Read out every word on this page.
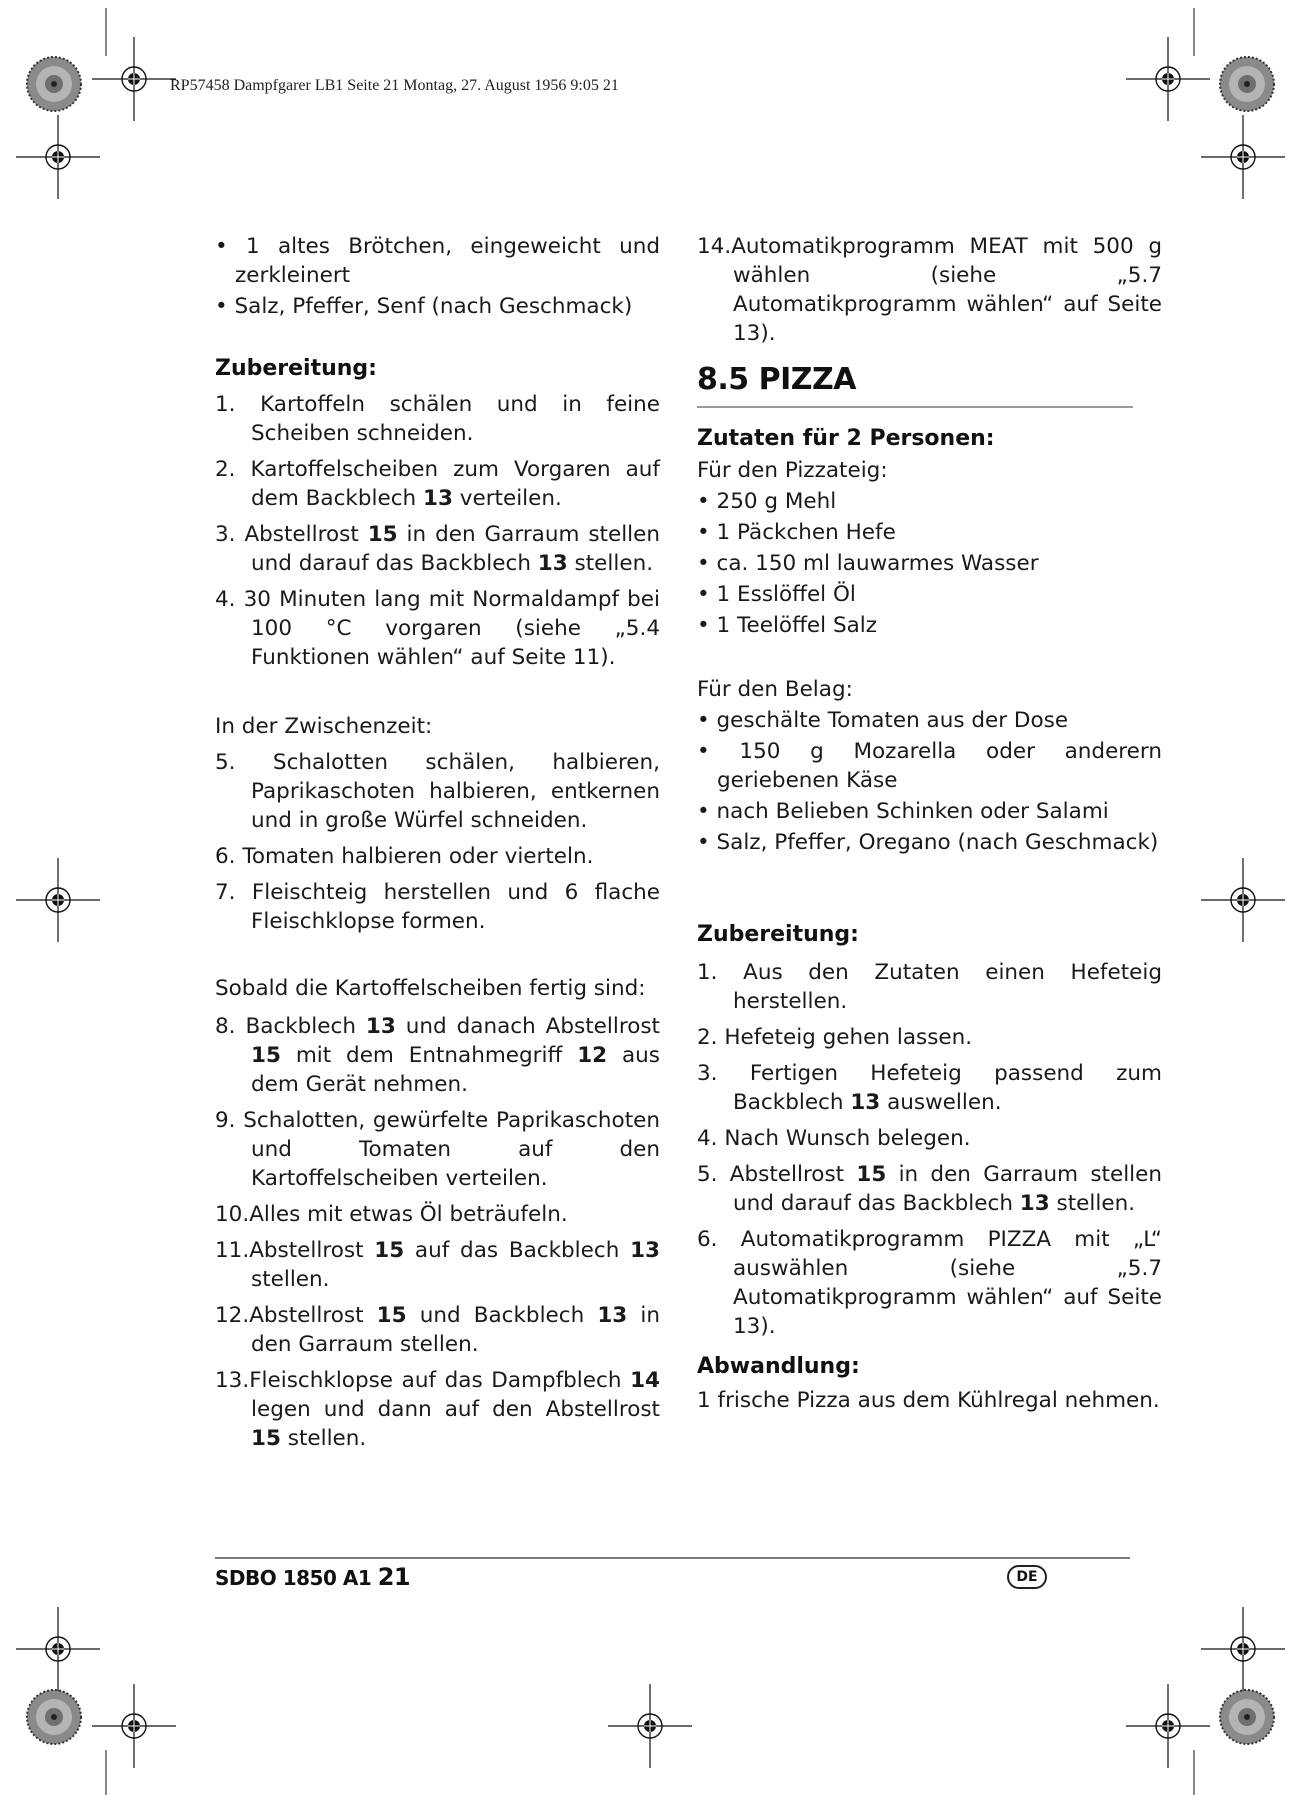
RP57458 Dampfgarer LB1 Seite 21 Montag, 27. August 1956 9:05 21
• 1 altes Brötchen, eingeweicht und zerkleinert
• Salz, Pfeffer, Senf (nach Geschmack)
Zubereitung:
1. Kartoffeln schälen und in feine Scheiben schneiden.
2. Kartoffelscheiben zum Vorgaren auf dem Backblech 13 verteilen.
3. Abstellrost 15 in den Garraum stellen und darauf das Backblech 13 stellen.
4. 30 Minuten lang mit Normaldampf bei 100 °C vorgaren (siehe „5.4 Funktionen wählen“ auf Seite 11).
In der Zwischenzeit:
5. Schalotten schälen, halbieren, Paprikaschoten halbieren, entkernen und in große Würfel schneiden.
6. Tomaten halbieren oder vierteln.
7. Fleischteig herstellen und 6 flache Fleischklopse formen.
Sobald die Kartoffelscheiben fertig sind:
8. Backblech 13 und danach Abstellrost 15 mit dem Entnahmegriff 12 aus dem Gerät nehmen.
9. Schalotten, gewürfelte Paprikaschoten und Tomaten auf den Kartoffelscheiben verteilen.
10.Alles mit etwas Öl beträufeln.
11.Abstellrost 15 auf das Backblech 13 stellen.
12.Abstellrost 15 und Backblech 13 in den Garraum stellen.
13.Fleischklopse auf das Dampfblech 14 legen und dann auf den Abstellrost 15 stellen.
14.Automatikprogramm MEAT mit 500 g wählen (siehe „5.7 Automatikprogramm wählen“ auf Seite 13).
8.5 PIZZA
Zutaten für 2 Personen:
Für den Pizzateig:
• 250 g Mehl
• 1 Päckchen Hefe
• ca. 150 ml lauwarmes Wasser
• 1 Esslöffel Öl
• 1 Teelöffel Salz
Für den Belag:
• geschälte Tomaten aus der Dose
• 150 g Mozarella oder anderern geriebenen Käse
• nach Belieben Schinken oder Salami
• Salz, Pfeffer, Oregano (nach Geschmack)
Zubereitung:
1. Aus den Zutaten einen Hefeteig herstellen.
2. Hefeteig gehen lassen.
3. Fertigen Hefeteig passend zum Backblech 13 auswellen.
4. Nach Wunsch belegen.
5. Abstellrost 15 in den Garraum stellen und darauf das Backblech 13 stellen.
6. Automatikprogramm PIZZA mit „L“ auswählen (siehe „5.7 Automatikprogramm wählen“ auf Seite 13).
Abwandlung:
1 frische Pizza aus dem Kühlregal nehmen.
SDBO 1850 A1 21	DE
